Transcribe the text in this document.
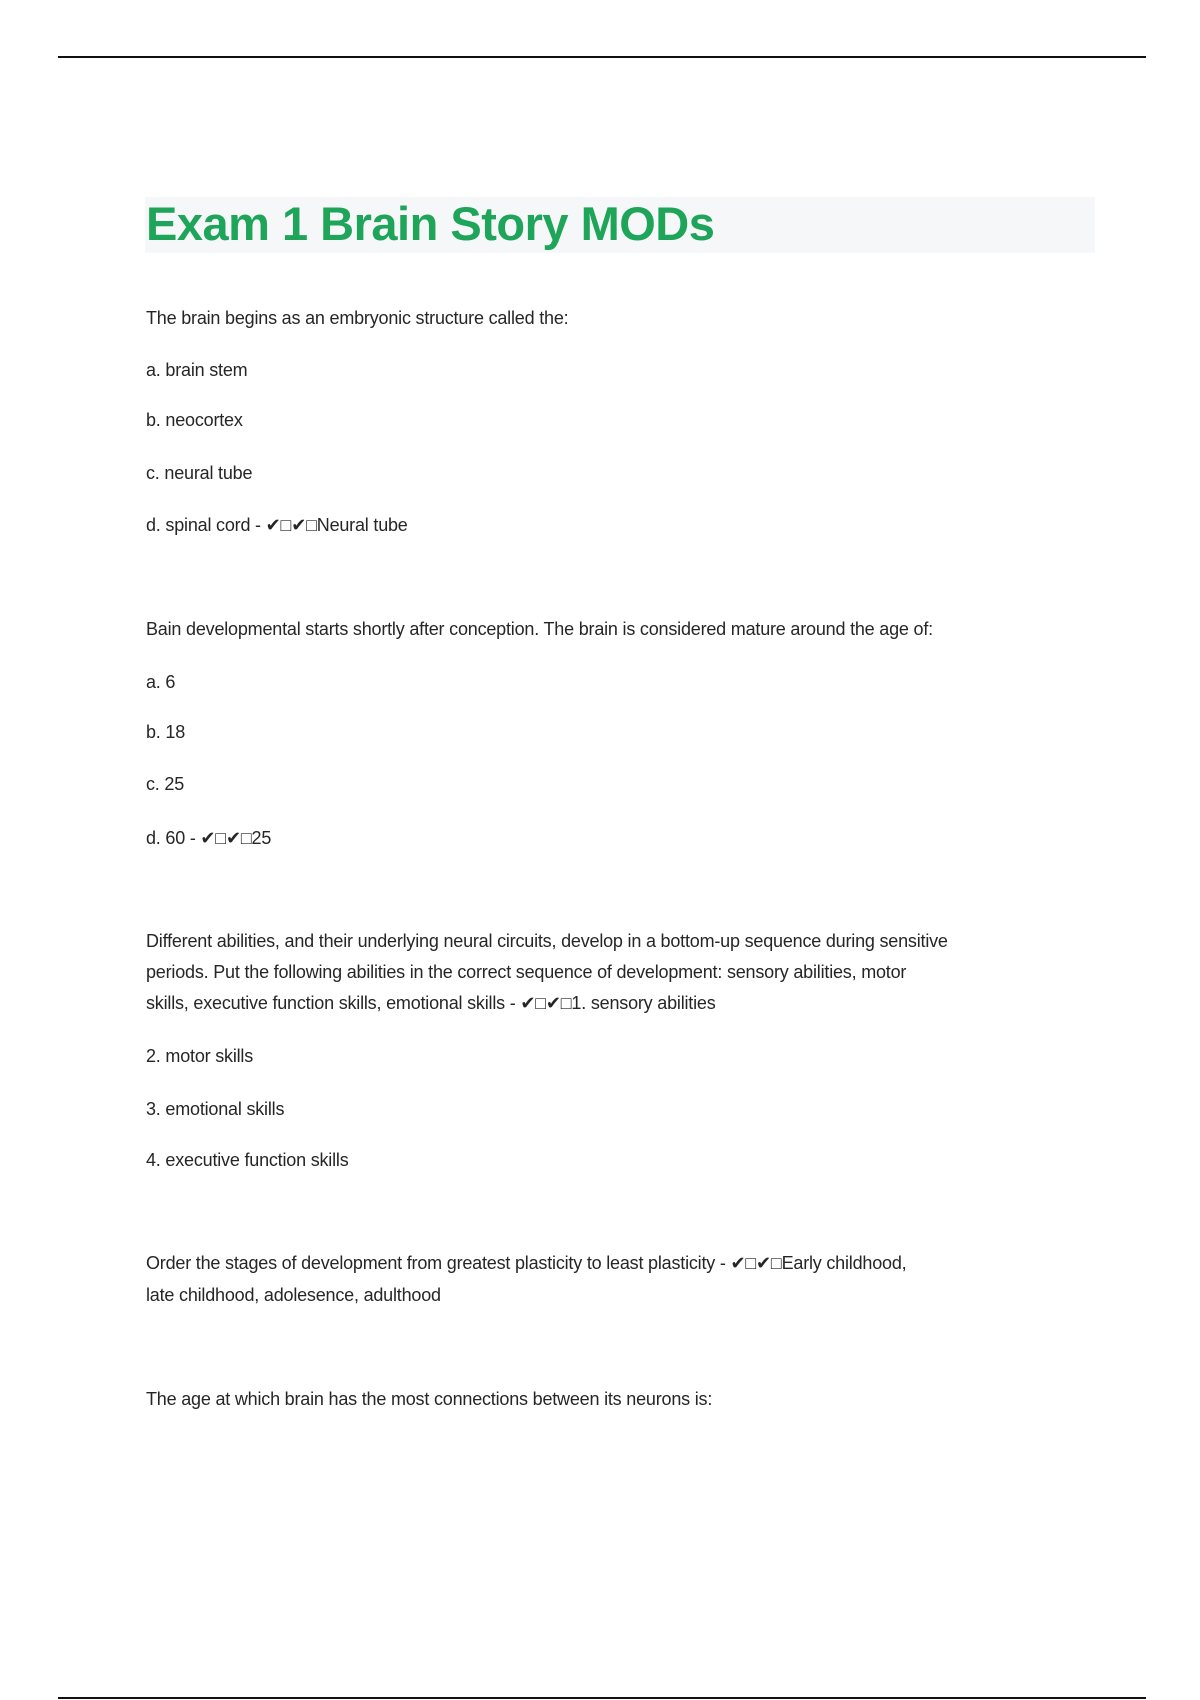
Exam 1 Brain Story MODs
The brain begins as an embryonic structure called the:
a. brain stem
b. neocortex
c. neural tube
d. spinal cord - ✔□✔□Neural tube
Bain developmental starts shortly after conception. The brain is considered mature around the age of:
a. 6
b. 18
c. 25
d. 60 - ✔□✔□25
Different abilities, and their underlying neural circuits, develop in a bottom-up sequence during sensitive
periods. Put the following abilities in the correct sequence of development: sensory abilities, motor
skills, executive function skills, emotional skills - ✔□✔□1. sensory abilities
2. motor skills
3. emotional skills
4. executive function skills
Order the stages of development from greatest plasticity to least plasticity - ✔□✔□Early childhood,
late childhood, adolesence, adulthood
The age at which brain has the most connections between its neurons is:
